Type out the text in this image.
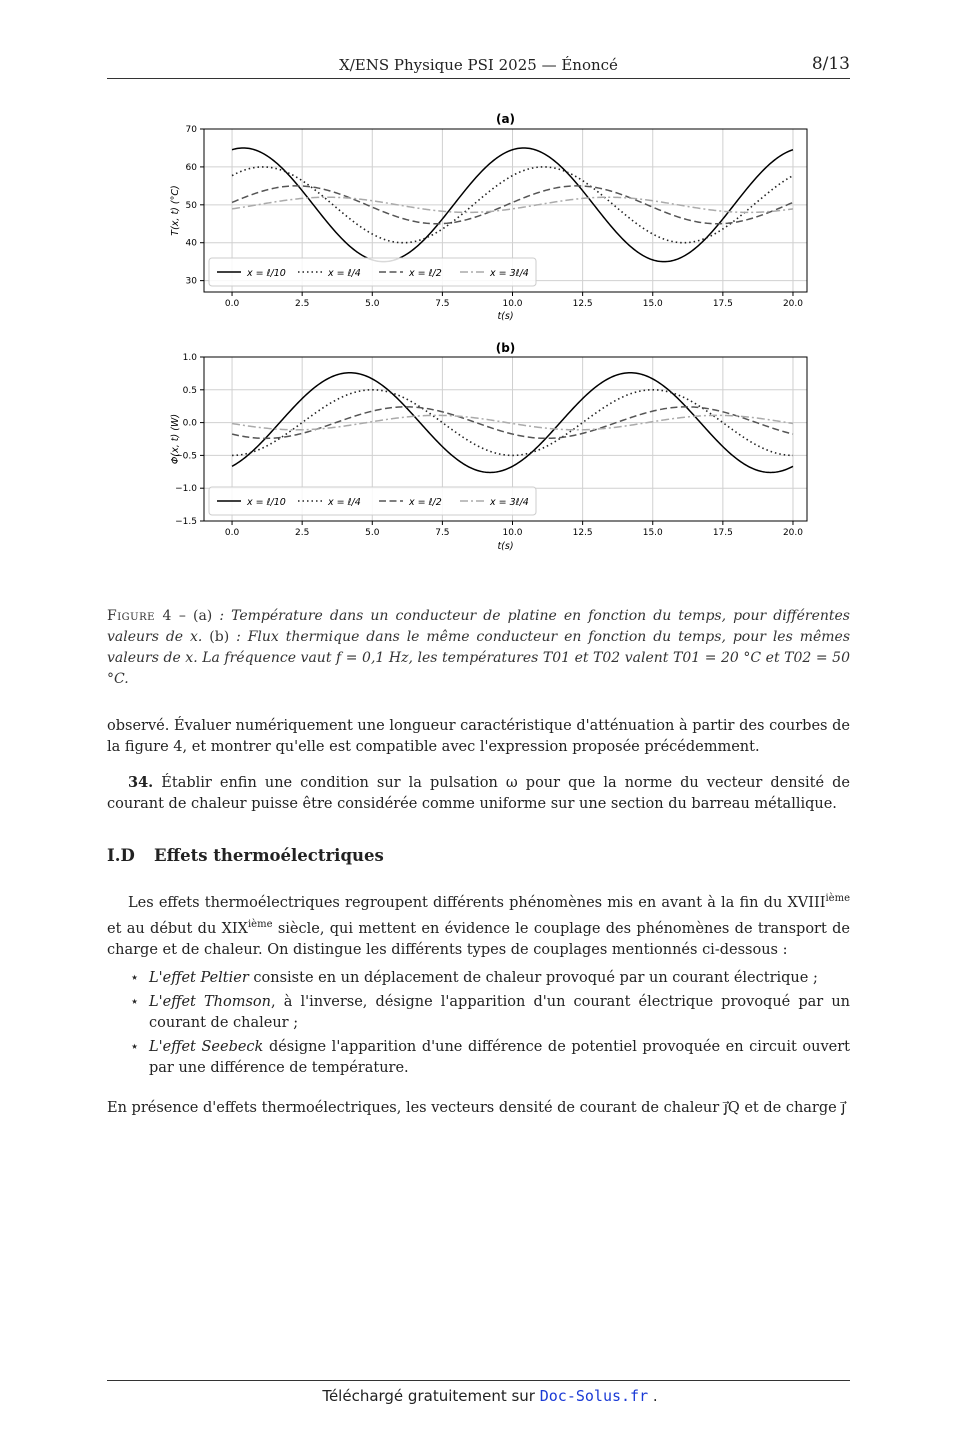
X/ENS Physique PSI 2025 — Énoncé	8/13
0.0	2.5	5.0	7.5	10.0	12.5	15.0	17.5	20.0
30
40
50
60
70
(a)
t(s)
T(x, t) (°C)
x = ℓ/10	x = ℓ/4	x = ℓ/2	x = 3ℓ/4
0.0	2.5	5.0	7.5	10.0	12.5	15.0	17.5	20.0
1.0
0.5
0.0
−0.5
−1.0
−1.5
(b)
t(s)
Φ(x, t) (W)
x = ℓ/10	x = ℓ/4	x = ℓ/2	x = 3ℓ/4
Figure 4 – (a) : Température dans un conducteur de platine en fonction du temps, pour différentes valeurs de x. (b) : Flux thermique dans le même conducteur en fonction du temps, pour les mêmes valeurs de x. La fréquence vaut f = 0,1 Hz, les températures T01 et T02 valent T01 = 20 °C et T02 = 50 °C.
observé. Évaluer numériquement une longueur caractéristique d'atténuation à partir des courbes de la figure 4, et montrer qu'elle est compatible avec l'expression proposée précédemment.
34. Établir enfin une condition sur la pulsation ω pour que la norme du vecteur densité de courant de chaleur puisse être considérée comme uniforme sur une section du barreau métallique.
I.D Effets thermoélectriques
Les effets thermoélectriques regroupent différents phénomènes mis en avant à la fin du XVIIIième et au début du XIXième siècle, qui mettent en évidence le couplage des phénomènes de transport de charge et de chaleur. On distingue les différents types de couplages mentionnés ci-dessous :
⋆ L'effet Peltier consiste en un déplacement de chaleur provoqué par un courant électrique ;
⋆ L'effet Thomson, à l'inverse, désigne l'apparition d'un courant électrique provoqué par un courant de chaleur ;
⋆ L'effet Seebeck désigne l'apparition d'une différence de potentiel provoquée en circuit ouvert par une différence de température.
En présence d'effets thermoélectriques, les vecteurs densité de courant de chaleur j⃗Q et de charge j⃗
Téléchargé gratuitement sur Doc-Solus.fr .
